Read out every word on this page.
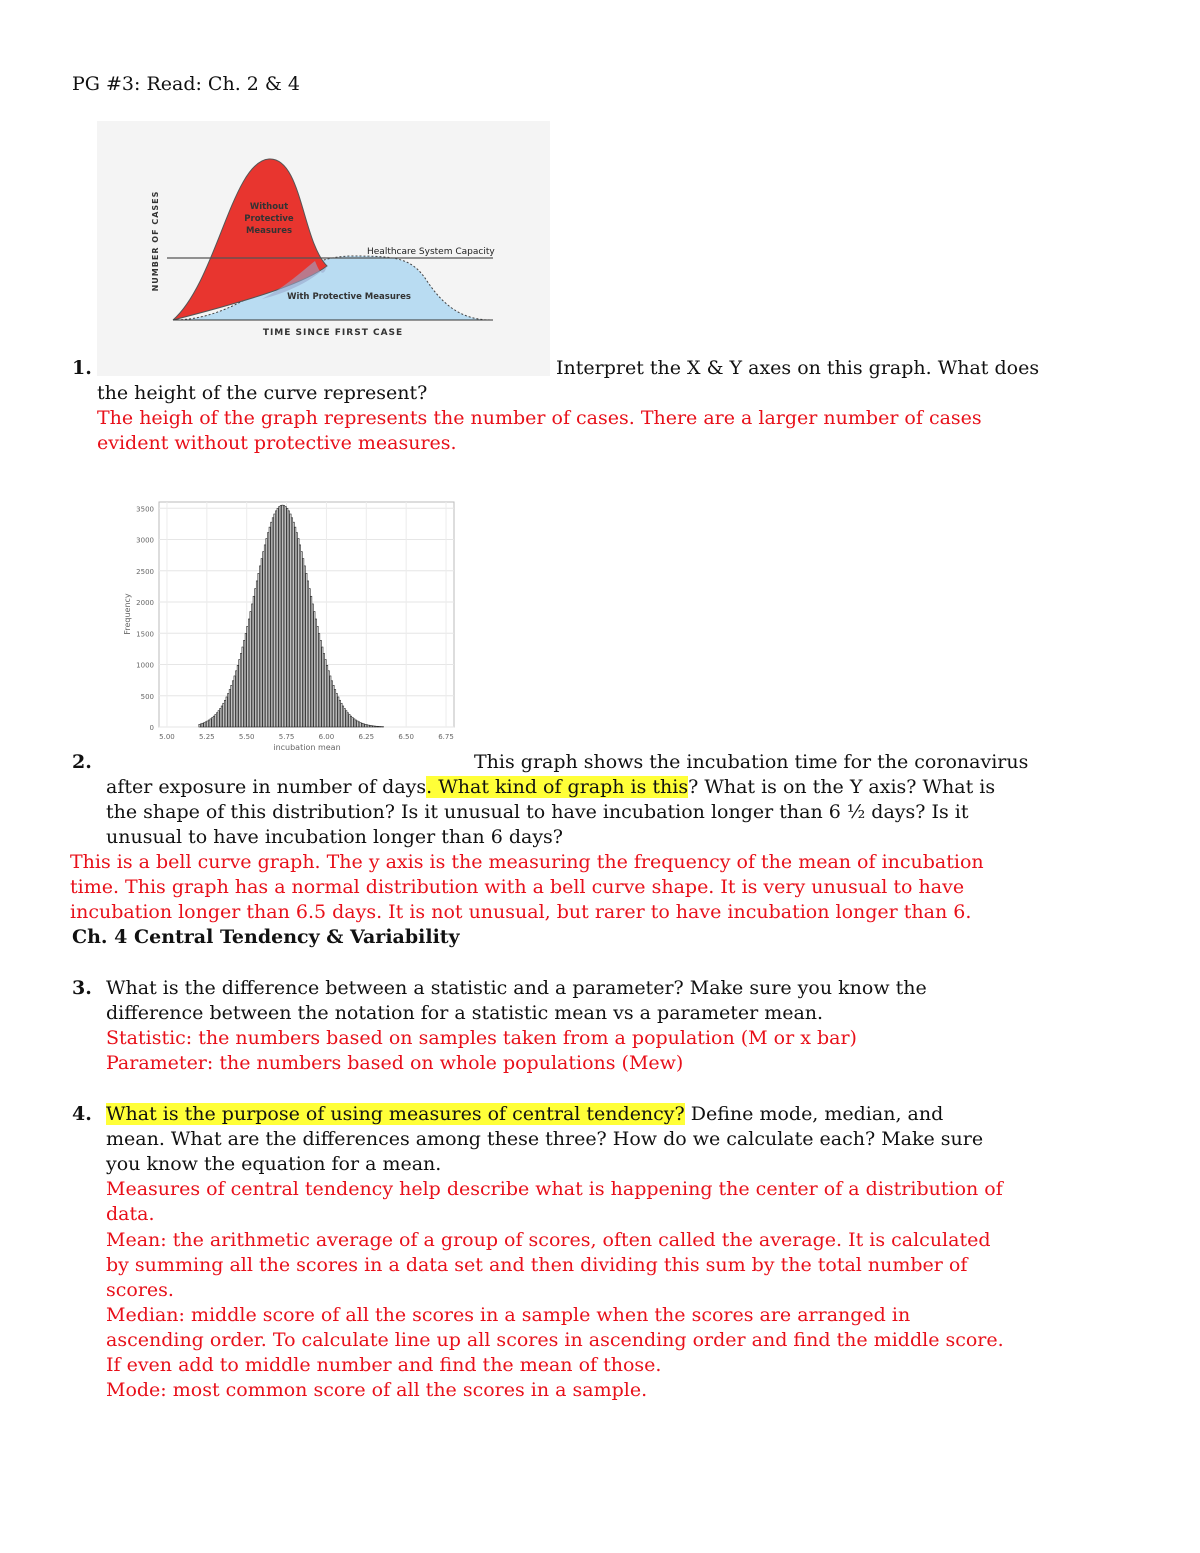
PG #3: Read: Ch. 2 & 4
NUMBER OF CASES
TIME SINCE FIRST CASE
Without
Protective
Measures
Healthcare System Capacity
With Protective Measures
1.	Interpret the X & Y axes on this graph. What does
the height of the curve represent?
The heigh of the graph represents the number of cases. There are a larger number of cases
evident without protective measures.
0
500
1000
1500
2000
2500
3000
3500
5.00	5.25	5.50	5.75	6.00	6.25	6.50	6.75
Frequency
incubation mean
2.	This graph shows the incubation time for the coronavirus
after exposure in number of days. What kind of graph is this? What is on the Y axis? What is
the shape of this distribution? Is it unusual to have incubation longer than 6 ½ days? Is it
unusual to have incubation longer than 6 days?
This is a bell curve graph. The y axis is the measuring the frequency of the mean of incubation
time. This graph has a normal distribution with a bell curve shape. It is very unusual to have
incubation longer than 6.5 days. It is not unusual, but rarer to have incubation longer than 6.
Ch. 4 Central Tendency & Variability
3. What is the difference between a statistic and a parameter? Make sure you know the
difference between the notation for a statistic mean vs a parameter mean.
Statistic: the numbers based on samples taken from a population (M or x bar)
Parameter: the numbers based on whole populations (Mew)
4. What is the purpose of using measures of central tendency? Define mode, median, and
mean. What are the differences among these three? How do we calculate each? Make sure
you know the equation for a mean.
Measures of central tendency help describe what is happening the center of a distribution of
data.
Mean: the arithmetic average of a group of scores, often called the average. It is calculated
by summing all the scores in a data set and then dividing this sum by the total number of
scores.
Median: middle score of all the scores in a sample when the scores are arranged in
ascending order. To calculate line up all scores in ascending order and find the middle score.
If even add to middle number and find the mean of those.
Mode: most common score of all the scores in a sample.
